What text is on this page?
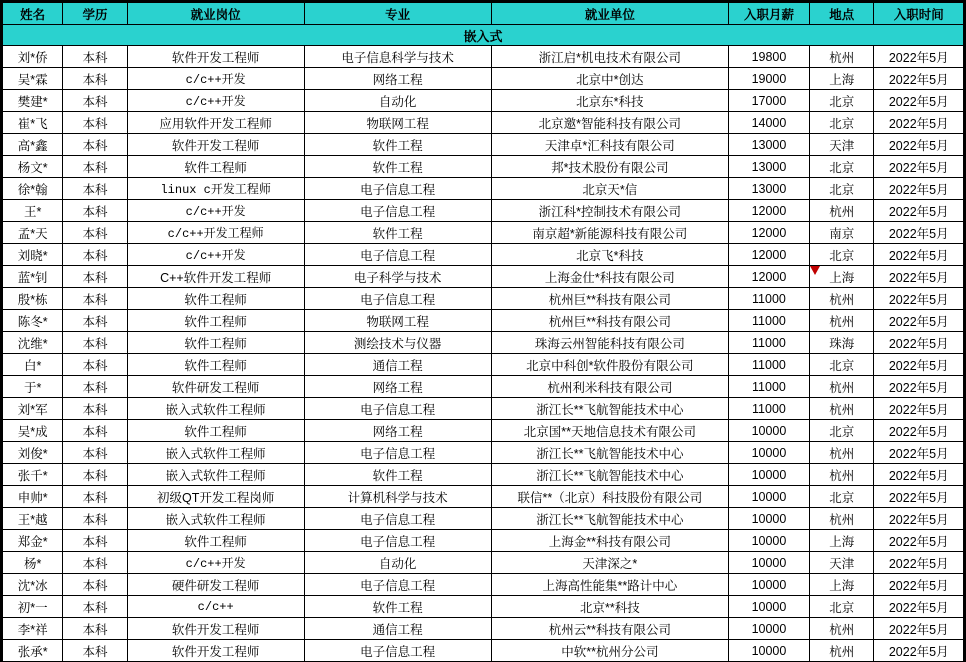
嵌入式							
姓名	学历	就业岗位	专业	就业单位	入职月薪	地点	入职时间
刘*侨	本科	软件开发工程师	电子信息科学与技术	浙江启*机电技术有限公司	19800	杭州	2022年5月
吴*霖	本科	c/c++开发	网络工程	北京中*创达	19000	上海	2022年5月
樊建*	本科	c/c++开发	自动化	北京东*科技	17000	北京	2022年5月
崔*飞	本科	应用软件开发工程师	物联网工程	北京邀*智能科技有限公司	14000	北京	2022年5月
高*鑫	本科	软件开发工程师	软件工程	天津卓*汇科技有限公司	13000	天津	2022年5月
杨文*	本科	软件工程师	软件工程	邦*技术股份有限公司	13000	北京	2022年5月
徐*翰	本科	linux c开发工程师	电子信息工程	北京天*信	13000	北京	2022年5月
王*	本科	c/c++开发	电子信息工程	浙江科*控制技术有限公司	12000	杭州	2022年5月
孟*天	本科	c/c++开发工程师	软件工程	南京超*新能源科技有限公司	12000	南京	2022年5月
刘晓*	本科	c/c++开发	电子信息工程	北京飞*科技	12000	北京	2022年5月
蓝*钊	本科	C++软件开发工程师	电子科学与技术	上海金仕*科技有限公司	12000	上海	2022年5月
殷*栋	本科	软件工程师	电子信息工程	杭州巨**科技有限公司	11000	杭州	2022年5月
陈冬*	本科	软件工程师	物联网工程	杭州巨**科技有限公司	11000	杭州	2022年5月
沈维*	本科	软件工程师	测绘技术与仪器	珠海云州智能科技有限公司	11000	珠海	2022年5月
白*	本科	软件工程师	通信工程	北京中科创*软件股份有限公司	11000	北京	2022年5月
于*	本科	软件研发工程师	网络工程	杭州利米科技有限公司	11000	杭州	2022年5月
刘*军	本科	嵌入式软件工程师	电子信息工程	浙江长**飞航智能技术中心	11000	杭州	2022年5月
吴*成	本科	软件工程师	网络工程	北京国**天地信息技术有限公司	10000	北京	2022年5月
刘俊*	本科	嵌入式软件工程师	电子信息工程	浙江长**飞航智能技术中心	10000	杭州	2022年5月
张千*	本科	嵌入式软件工程师	软件工程	浙江长**飞航智能技术中心	10000	杭州	2022年5月
申帅*	本科	初级QT开发工程岗师	计算机科学与技术	联信**（北京）科技股份有限公司	10000	北京	2022年5月
王*越	本科	嵌入式软件工程师	电子信息工程	浙江长**飞航智能技术中心	10000	杭州	2022年5月
郑金*	本科	软件工程师	电子信息工程	上海金**科技有限公司	10000	上海	2022年5月
杨*	本科	c/c++开发	自动化	天津深之*	10000	天津	2022年5月
沈*冰	本科	硬件研发工程师	电子信息工程	上海高性能集**路计中心	10000	上海	2022年5月
初*一	本科	c/c++	软件工程	北京**科技	10000	北京	2022年5月
李*祥	本科	软件开发工程师	通信工程	杭州云**科技有限公司	10000	杭州	2022年5月
张承*	本科	软件开发工程师	电子信息工程	中软**杭州分公司	10000	杭州	2022年5月
